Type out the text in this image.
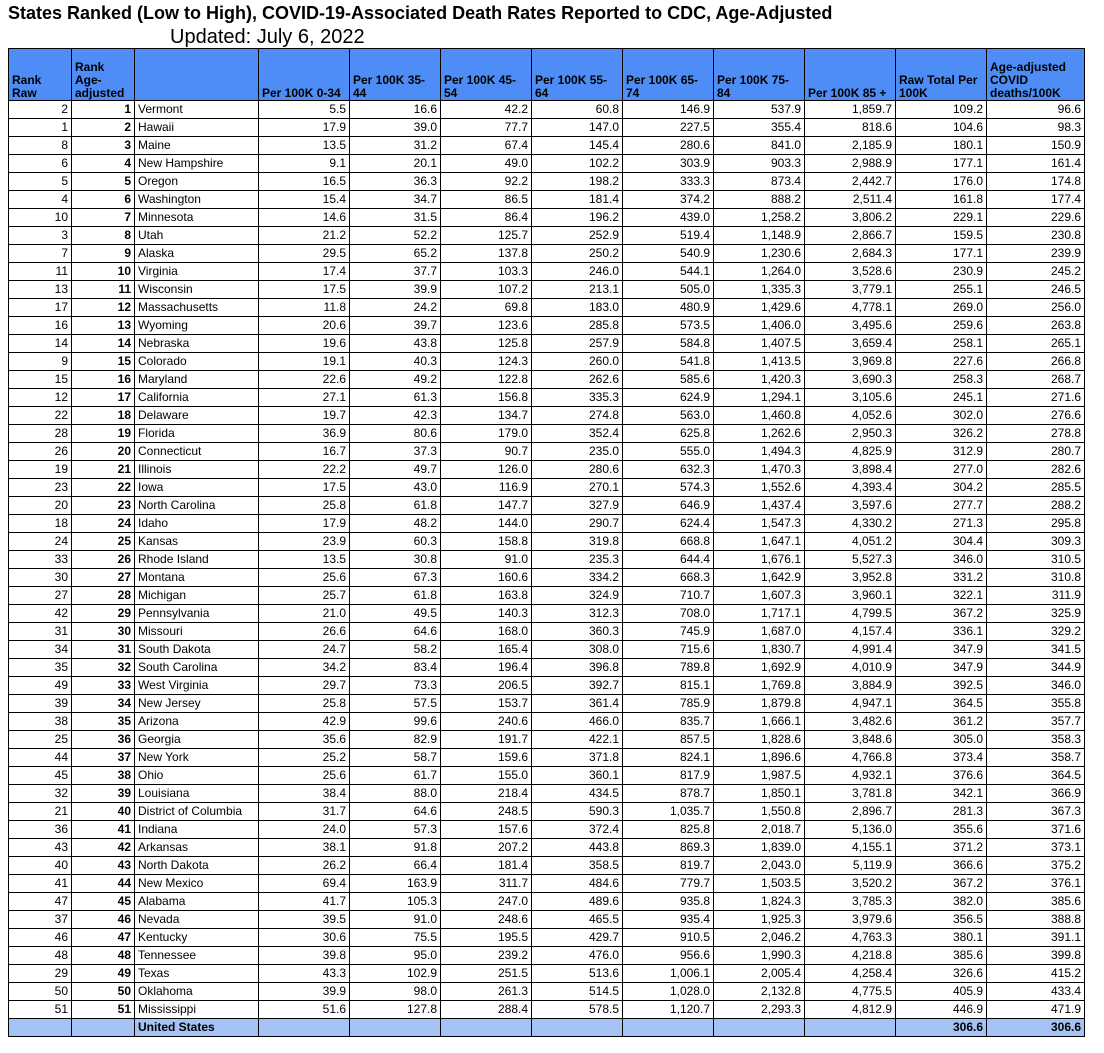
States Ranked (Low to High), COVID-19-Associated Death Rates Reported to CDC, Age-Adjusted
Updated: July 6, 2022
Rank Raw	Rank Age-adjusted		Per 100K 0-34	Per 100K 35-44	Per 100K 45-54	Per 100K 55-64	Per 100K 65-74	Per 100K 75-84	Per 100K 85 +	Raw Total Per 100K	Age-adjusted COVID deaths/100K
2	1	Vermont	5.5	16.6	42.2	60.8	146.9	537.9	1,859.7	109.2	96.6
1	2	Hawaii	17.9	39.0	77.7	147.0	227.5	355.4	818.6	104.6	98.3
8	3	Maine	13.5	31.2	67.4	145.4	280.6	841.0	2,185.9	180.1	150.9
6	4	New Hampshire	9.1	20.1	49.0	102.2	303.9	903.3	2,988.9	177.1	161.4
5	5	Oregon	16.5	36.3	92.2	198.2	333.3	873.4	2,442.7	176.0	174.8
4	6	Washington	15.4	34.7	86.5	181.4	374.2	888.2	2,511.4	161.8	177.4
10	7	Minnesota	14.6	31.5	86.4	196.2	439.0	1,258.2	3,806.2	229.1	229.6
3	8	Utah	21.2	52.2	125.7	252.9	519.4	1,148.9	2,866.7	159.5	230.8
7	9	Alaska	29.5	65.2	137.8	250.2	540.9	1,230.6	2,684.3	177.1	239.9
11	10	Virginia	17.4	37.7	103.3	246.0	544.1	1,264.0	3,528.6	230.9	245.2
13	11	Wisconsin	17.5	39.9	107.2	213.1	505.0	1,335.3	3,779.1	255.1	246.5
17	12	Massachusetts	11.8	24.2	69.8	183.0	480.9	1,429.6	4,778.1	269.0	256.0
16	13	Wyoming	20.6	39.7	123.6	285.8	573.5	1,406.0	3,495.6	259.6	263.8
14	14	Nebraska	19.6	43.8	125.8	257.9	584.8	1,407.5	3,659.4	258.1	265.1
9	15	Colorado	19.1	40.3	124.3	260.0	541.8	1,413.5	3,969.8	227.6	266.8
15	16	Maryland	22.6	49.2	122.8	262.6	585.6	1,420.3	3,690.3	258.3	268.7
12	17	California	27.1	61.3	156.8	335.3	624.9	1,294.1	3,105.6	245.1	271.6
22	18	Delaware	19.7	42.3	134.7	274.8	563.0	1,460.8	4,052.6	302.0	276.6
28	19	Florida	36.9	80.6	179.0	352.4	625.8	1,262.6	2,950.3	326.2	278.8
26	20	Connecticut	16.7	37.3	90.7	235.0	555.0	1,494.3	4,825.9	312.9	280.7
19	21	Illinois	22.2	49.7	126.0	280.6	632.3	1,470.3	3,898.4	277.0	282.6
23	22	Iowa	17.5	43.0	116.9	270.1	574.3	1,552.6	4,393.4	304.2	285.5
20	23	North Carolina	25.8	61.8	147.7	327.9	646.9	1,437.4	3,597.6	277.7	288.2
18	24	Idaho	17.9	48.2	144.0	290.7	624.4	1,547.3	4,330.2	271.3	295.8
24	25	Kansas	23.9	60.3	158.8	319.8	668.8	1,647.1	4,051.2	304.4	309.3
33	26	Rhode Island	13.5	30.8	91.0	235.3	644.4	1,676.1	5,527.3	346.0	310.5
30	27	Montana	25.6	67.3	160.6	334.2	668.3	1,642.9	3,952.8	331.2	310.8
27	28	Michigan	25.7	61.8	163.8	324.9	710.7	1,607.3	3,960.1	322.1	311.9
42	29	Pennsylvania	21.0	49.5	140.3	312.3	708.0	1,717.1	4,799.5	367.2	325.9
31	30	Missouri	26.6	64.6	168.0	360.3	745.9	1,687.0	4,157.4	336.1	329.2
34	31	South Dakota	24.7	58.2	165.4	308.0	715.6	1,830.7	4,991.4	347.9	341.5
35	32	South Carolina	34.2	83.4	196.4	396.8	789.8	1,692.9	4,010.9	347.9	344.9
49	33	West Virginia	29.7	73.3	206.5	392.7	815.1	1,769.8	3,884.9	392.5	346.0
39	34	New Jersey	25.8	57.5	153.7	361.4	785.9	1,879.8	4,947.1	364.5	355.8
38	35	Arizona	42.9	99.6	240.6	466.0	835.7	1,666.1	3,482.6	361.2	357.7
25	36	Georgia	35.6	82.9	191.7	422.1	857.5	1,828.6	3,848.6	305.0	358.3
44	37	New York	25.2	58.7	159.6	371.8	824.1	1,896.6	4,766.8	373.4	358.7
45	38	Ohio	25.6	61.7	155.0	360.1	817.9	1,987.5	4,932.1	376.6	364.5
32	39	Louisiana	38.4	88.0	218.4	434.5	878.7	1,850.1	3,781.8	342.1	366.9
21	40	District of Columbia	31.7	64.6	248.5	590.3	1,035.7	1,550.8	2,896.7	281.3	367.3
36	41	Indiana	24.0	57.3	157.6	372.4	825.8	2,018.7	5,136.0	355.6	371.6
43	42	Arkansas	38.1	91.8	207.2	443.8	869.3	1,839.0	4,155.1	371.2	373.1
40	43	North Dakota	26.2	66.4	181.4	358.5	819.7	2,043.0	5,119.9	366.6	375.2
41	44	New Mexico	69.4	163.9	311.7	484.6	779.7	1,503.5	3,520.2	367.2	376.1
47	45	Alabama	41.7	105.3	247.0	489.6	935.8	1,824.3	3,785.3	382.0	385.6
37	46	Nevada	39.5	91.0	248.6	465.5	935.4	1,925.3	3,979.6	356.5	388.8
46	47	Kentucky	30.6	75.5	195.5	429.7	910.5	2,046.2	4,763.3	380.1	391.1
48	48	Tennessee	39.8	95.0	239.2	476.0	956.6	1,990.3	4,218.8	385.6	399.8
29	49	Texas	43.3	102.9	251.5	513.6	1,006.1	2,005.4	4,258.4	326.6	415.2
50	50	Oklahoma	39.9	98.0	261.3	514.5	1,028.0	2,132.8	4,775.5	405.9	433.4
51	51	Mississippi	51.6	127.8	288.4	578.5	1,120.7	2,293.3	4,812.9	446.9	471.9
		United States								306.6	306.6
